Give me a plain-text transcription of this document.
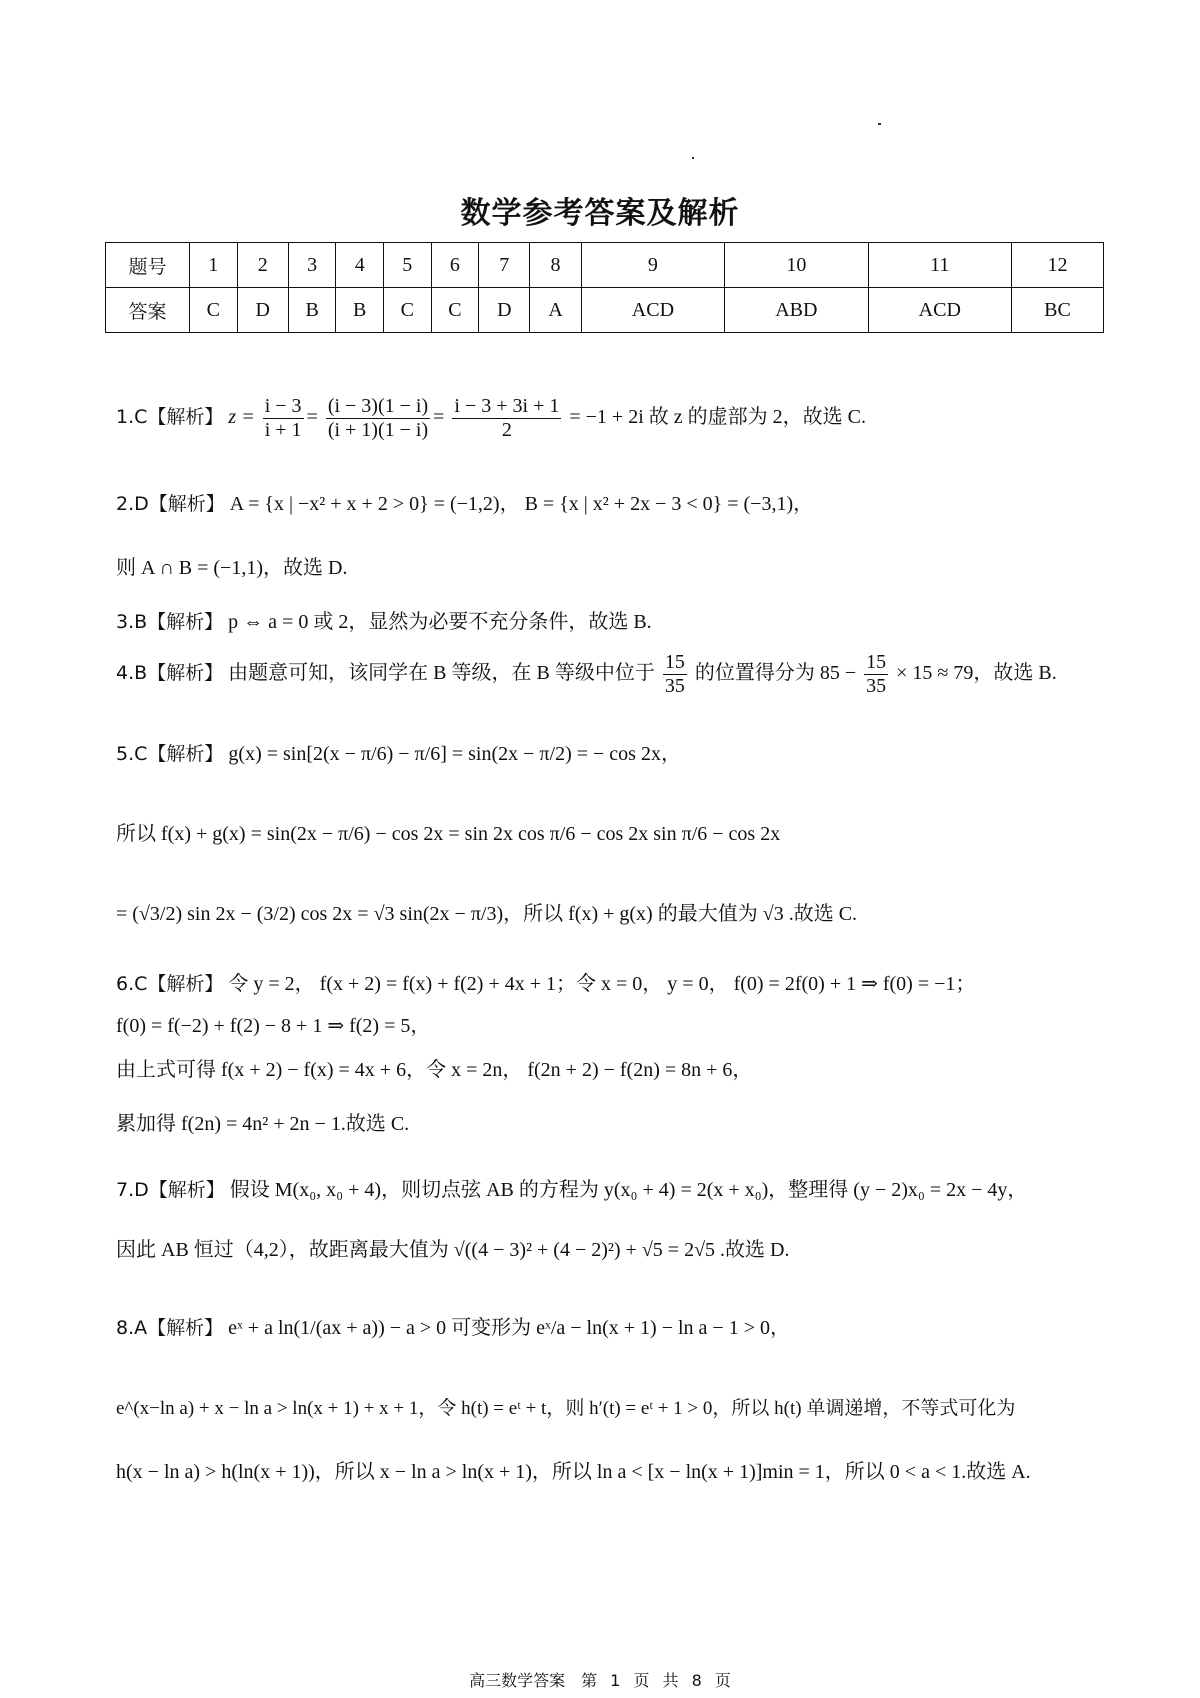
数学参考答案及解析
题号	1	2	3	4	5	6	7	8	9	10	11	12
答案	C	D	B	B	C	C	D	A	ACD	ABD	ACD	BC
1.C【解析】 $z = \frac{i - 3}{i + 1} = \frac{(i - 3)(1 - i)}{(i + 1)(1 - i)} = \frac{i - 3 + 3i + 1}{2} = -1 + 2i$ 故 z 的虚部为 2，故选 C.
2.D【解析】 A = {x | −x² + x + 2 > 0} = (−1,2)， B = {x | x² + 2x − 3 < 0} = (−3,1)，
则 A ∩ B = (−1,1)，故选 D.
3.B【解析】 p ⇔ a = 0 或 2，显然为必要不充分条件，故选 B.
4.B【解析】 由题意可知，该同学在 B 等级，在 B 等级中位于 $\frac{15}{35}$ 的位置得分为 $85 - \frac{15}{35} \times 15 \approx 79$，故选 B.
5.C【解析】 g(x) = sin[2(x − π/6) − π/6] = sin(2x − π/2) = − cos 2x，
所以 f(x) + g(x) = sin(2x − π/6) − cos 2x = sin 2x cos π/6 − cos 2x sin π/6 − cos 2x
= (√3/2) sin 2x − (3/2) cos 2x = √3 sin(2x − π/3)，所以 f(x) + g(x) 的最大值为 √3 .故选 C.
6.C【解析】 令 y = 2， f(x + 2) = f(x) + f(2) + 4x + 1；令 x = 0， y = 0， f(0) = 2f(0) + 1 ⇒ f(0) = −1；
f(0) = f(−2) + f(2) − 8 + 1 ⇒ f(2) = 5，
由上式可得 f(x + 2) − f(x) = 4x + 6，令 x = 2n， f(2n + 2) − f(2n) = 8n + 6，
累加得 f(2n) = 4n² + 2n − 1.故选 C.
7.D【解析】 假设 M(x₀, x₀ + 4)，则切点弦 AB 的方程为 y(x₀ + 4) = 2(x + x₀)，整理得 (y − 2)x₀ = 2x − 4y，
因此 AB 恒过（4,2），故距离最大值为 √((4 − 3)² + (4 − 2)²) + √5 = 2√5 .故选 D.
8.A【解析】 eˣ + a ln(1/(ax + a)) − a > 0 可变形为 eˣ/a − ln(x + 1) − ln a − 1 > 0，
e^(x−ln a) + x − ln a > ln(x + 1) + x + 1，令 h(t) = eᵗ + t，则 h′(t) = eᵗ + 1 > 0，所以 h(t) 单调递增，不等式可化为
h(x − ln a) > h(ln(x + 1))，所以 x − ln a > ln(x + 1)，所以 ln a < [x − ln(x + 1)]min = 1，所以 0 < a < 1.故选 A.
高三数学答案　第 1 页 共 8 页
